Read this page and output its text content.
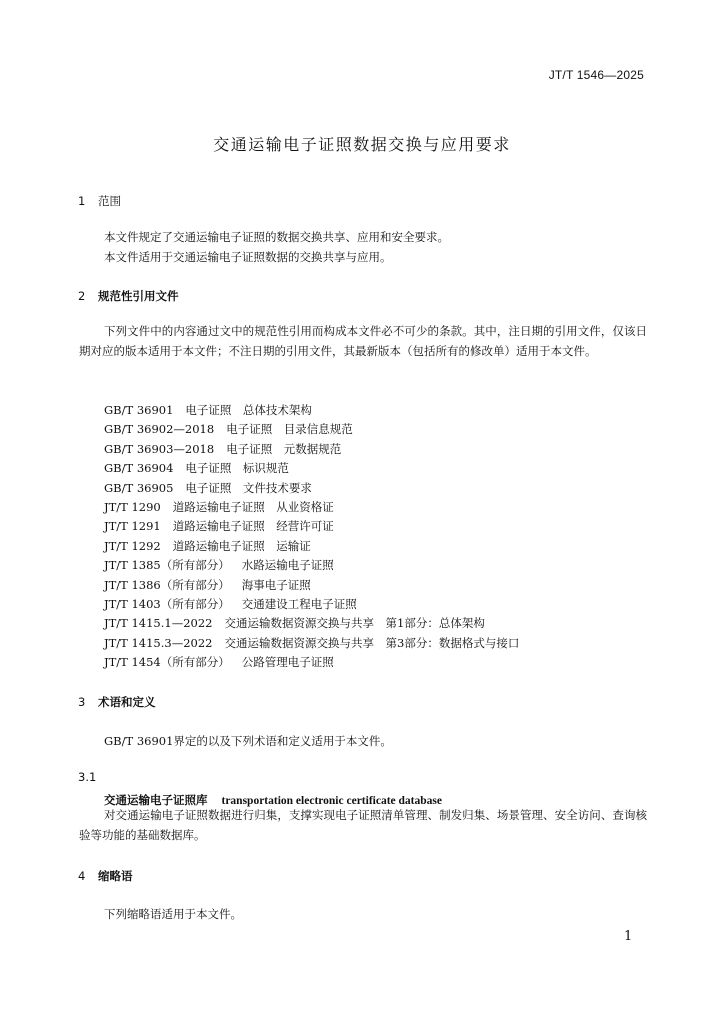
JT/T 1546—2025
交通运输电子证照数据交换与应用要求
1 范围
本文件规定了交通运输电子证照的数据交换共享、应用和安全要求。
本文件适用于交通运输电子证照数据的交换共享与应用。
2 规范性引用文件
下列文件中的内容通过文中的规范性引用而构成本文件必不可少的条款。其中，注日期的引用文件，仅该日期对应的版本适用于本文件；不注日期的引用文件，其最新版本（包括所有的修改单）适用于本文件。
GB/T 36901 电子证照　总体技术架构
GB/T 36902—2018 电子证照　目录信息规范
GB/T 36903—2018 电子证照　元数据规范
GB/T 36904 电子证照　标识规范
GB/T 36905 电子证照　文件技术要求
JT/T 1290 道路运输电子证照　从业资格证
JT/T 1291 道路运输电子证照　经营许可证
JT/T 1292 道路运输电子证照　运输证
JT/T 1385（所有部分） 水路运输电子证照
JT/T 1386（所有部分） 海事电子证照
JT/T 1403（所有部分） 交通建设工程电子证照
JT/T 1415.1—2022 交通运输数据资源交换与共享　第1部分：总体架构
JT/T 1415.3—2022 交通运输数据资源交换与共享　第3部分：数据格式与接口
JT/T 1454（所有部分） 公路管理电子证照
3 术语和定义
GB/T 36901界定的以及下列术语和定义适用于本文件。
3.1
交通运输电子证照库 transportation electronic certificate database
对交通运输电子证照数据进行归集，支撑实现电子证照清单管理、制发归集、场景管理、安全访问、查询核验等功能的基础数据库。
4 缩略语
下列缩略语适用于本文件。
1
